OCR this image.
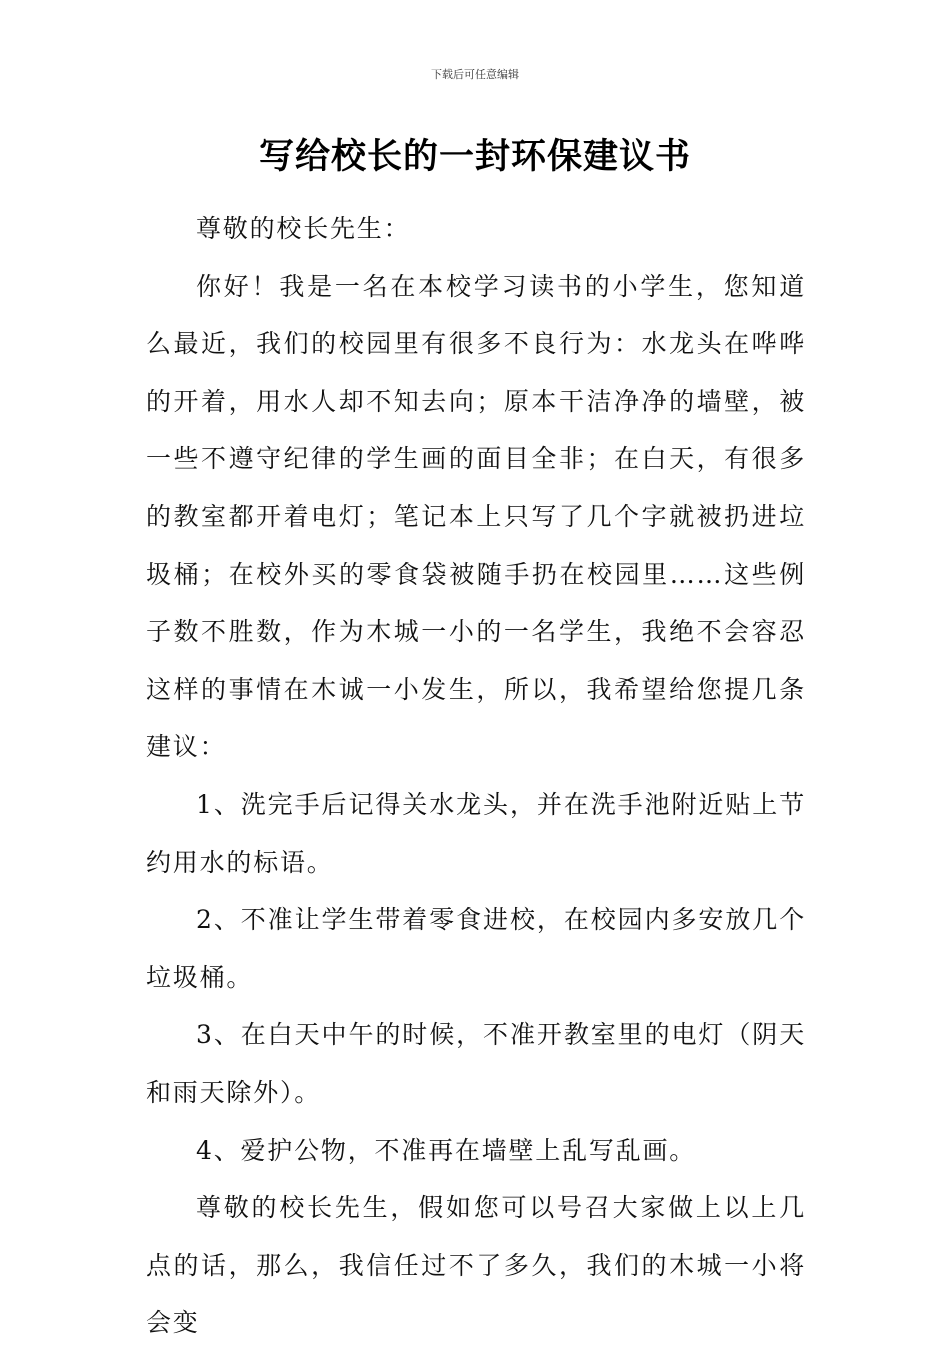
下载后可任意编辑
写给校长的一封环保建议书

尊敬的校长先生：

你好！我是一名在本校学习读书的小学生，您知道么最近，我们的校园里有很多不良行为：水龙头在哗哗的开着，用水人却不知去向；原本干洁净净的墙壁，被一些不遵守纪律的学生画的面目全非；在白天，有很多的教室都开着电灯；笔记本上只写了几个字就被扔进垃圾桶；在校外买的零食袋被随手扔在校园里……这些例子数不胜数，作为木城一小的一名学生，我绝不会容忍这样的事情在木诚一小发生，所以，我希望给您提几条建议：

1、洗完手后记得关水龙头，并在洗手池附近贴上节约用水的标语。

2、不准让学生带着零食进校，在校园内多安放几个垃圾桶。

3、在白天中午的时候，不准开教室里的电灯（阴天和雨天除外）。

4、爱护公物，不准再在墙壁上乱写乱画。

尊敬的校长先生，假如您可以号召大家做上以上几点的话，那么，我信任过不了多久，我们的木城一小将会变
